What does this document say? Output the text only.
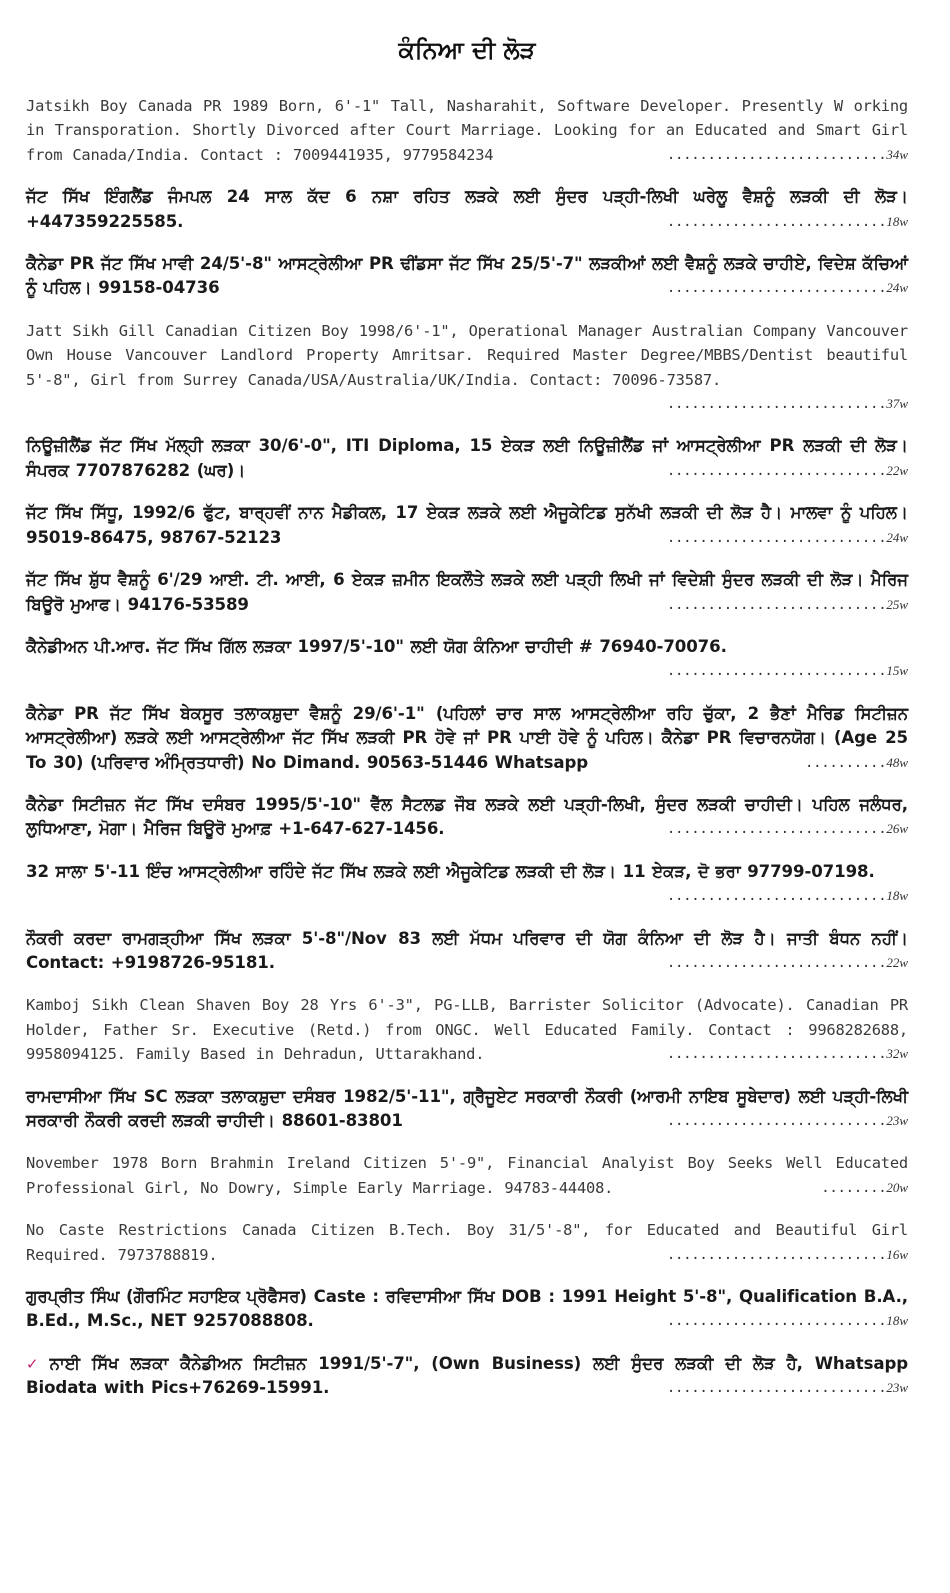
ਕੰਨਿਆ ਦੀ ਲੋੜ
Jatsikh Boy Canada PR 1989 Born, 6'-1" Tall, Nasharahit, Software Developer. Presently W orking in Transporation. Shortly Divorced after Court Marriage. Looking for an Educated and Smart Girl from Canada/India. Contact : 7009441935, 9779584234	...........................34w
ਜੱਟ ਸਿੱਖ ਇੰਗਲੈਂਡ ਜੰਮਪਲ 24 ਸਾਲ ਕੱਦ 6 ਨਸ਼ਾ ਰਹਿਤ ਲੜਕੇ ਲਈ ਸੁੰਦਰ ਪੜ੍ਹੀ-ਲਿਖੀ ਘਰੇਲੂ ਵੈਸ਼ਨੂੰ ਲੜਕੀ ਦੀ ਲੋੜ। +447359225585.	...........................18w
ਕੈਨੇਡਾ PR ਜੱਟ ਸਿੱਖ ਮਾਵੀ 24/5'-8" ਆਸਟ੍ਰੇਲੀਆ PR ਢੀਂਡਸਾ ਜੱਟ ਸਿੱਖ 25/5'-7" ਲੜਕੀਆਂ ਲਈ ਵੈਸ਼ਨੂੰ ਲੜਕੇ ਚਾਹੀਏ, ਵਿਦੇਸ਼ ਕੱਚਿਆਂ ਨੂੰ ਪਹਿਲ। 99158-04736	...........................24w
Jatt Sikh Gill Canadian Citizen Boy 1998/6'-1", Operational Manager Australian Company Vancouver Own House Vancouver Landlord Property Amritsar. Required Master Degree/MBBS/Dentist beautiful 5'-8", Girl from Surrey Canada/USA/Australia/UK/India. Contact: 70096-73587.
...........................37w
ਨਿਊਜ਼ੀਲੈਂਡ ਜੱਟ ਸਿੱਖ ਮੱਲ੍ਹੀ ਲੜਕਾ 30/6'-0", ITI Diploma, 15 ਏਕੜ ਲਈ ਨਿਊਜ਼ੀਲੈਂਡ ਜਾਂ ਆਸਟ੍ਰੇਲੀਆ PR ਲੜਕੀ ਦੀ ਲੋੜ। ਸੰਪਰਕ 7707876282 (ਘਰ)।	...........................22w
ਜੱਟ ਸਿੱਖ ਸਿੱਧੂ, 1992/6 ਫੁੱਟ, ਬਾਰ੍ਹਵੀਂ ਨਾਨ ਮੈਡੀਕਲ, 17 ਏਕੜ ਲੜਕੇ ਲਈ ਐਜੂਕੇਟਿਡ ਸੁਨੱਖੀ ਲੜਕੀ ਦੀ ਲੋੜ ਹੈ। ਮਾਲਵਾ ਨੂੰ ਪਹਿਲ। 95019-86475, 98767-52123	...........................24w
ਜੱਟ ਸਿੱਖ ਸ਼ੁੱਧ ਵੈਸ਼ਨੂੰ 6'/29 ਆਈ. ਟੀ. ਆਈ, 6 ਏਕੜ ਜ਼ਮੀਨ ਇਕਲੌਤੇ ਲੜਕੇ ਲਈ ਪੜ੍ਹੀ ਲਿਖੀ ਜਾਂ ਵਿਦੇਸ਼ੀ ਸੁੰਦਰ ਲੜਕੀ ਦੀ ਲੋੜ। ਮੈਰਿਜ ਬਿਊਰੋ ਮੁਆਫ। 94176-53589	...........................25w
ਕੈਨੇਡੀਅਨ ਪੀ.ਆਰ. ਜੱਟ ਸਿੱਖ ਗਿੱਲ ਲੜਕਾ 1997/5'-10" ਲਈ ਯੋਗ ਕੰਨਿਆ ਚਾਹੀਦੀ # 76940-70076.
...........................15w
ਕੈਨੇਡਾ PR ਜੱਟ ਸਿੱਖ ਬੇਕਸੂਰ ਤਲਾਕਸ਼ੁਦਾ ਵੈਸ਼ਨੂੰ 29/6'-1" (ਪਹਿਲਾਂ ਚਾਰ ਸਾਲ ਆਸਟ੍ਰੇਲੀਆ ਰਹਿ ਚੁੱਕਾ, 2 ਭੈਣਾਂ ਮੈਰਿਡ ਸਿਟੀਜ਼ਨ ਆਸਟ੍ਰੇਲੀਆ) ਲੜਕੇ ਲਈ ਆਸਟ੍ਰੇਲੀਆ ਜੱਟ ਸਿੱਖ ਲੜਕੀ PR ਹੋਵੇ ਜਾਂ PR ਪਾਈ ਹੋਵੇ ਨੂੰ ਪਹਿਲ। ਕੈਨੇਡਾ PR ਵਿਚਾਰਨਯੋਗ। (Age 25 To 30) (ਪਰਿਵਾਰ ਅੰਮ੍ਰਿਤਧਾਰੀ) No Dimand. 90563-51446 Whatsapp	..........48w
ਕੈਨੇਡਾ ਸਿਟੀਜ਼ਨ ਜੱਟ ਸਿੱਖ ਦਸੰਬਰ 1995/5'-10" ਵੈੱਲ ਸੈਟਲਡ ਜੌਬ ਲੜਕੇ ਲਈ ਪੜ੍ਹੀ-ਲਿਖੀ, ਸੁੰਦਰ ਲੜਕੀ ਚਾਹੀਦੀ। ਪਹਿਲ ਜਲੰਧਰ, ਲੁਧਿਆਣਾ, ਮੋਗਾ। ਮੈਰਿਜ ਬਿਊਰੋ ਮੁਆਫ਼ +1-647-627-1456.	...........................26w
32 ਸਾਲਾ 5'-11 ਇੰਚ ਆਸਟ੍ਰੇਲੀਆ ਰਹਿੰਦੇ ਜੱਟ ਸਿੱਖ ਲੜਕੇ ਲਈ ਐਜੂਕੇਟਿਡ ਲੜਕੀ ਦੀ ਲੋੜ। 11 ਏਕੜ, ਦੋ ਭਰਾ 97799-07198.
...........................18w
ਨੌਕਰੀ ਕਰਦਾ ਰਾਮਗੜ੍ਹੀਆ ਸਿੱਖ ਲੜਕਾ 5'-8"/Nov 83 ਲਈ ਮੱਧਮ ਪਰਿਵਾਰ ਦੀ ਯੋਗ ਕੰਨਿਆ ਦੀ ਲੋੜ ਹੈ। ਜਾਤੀ ਬੰਧਨ ਨਹੀਂ। Contact: +9198726-95181.	...........................22w
Kamboj Sikh Clean Shaven Boy 28 Yrs 6'-3", PG-LLB, Barrister Solicitor (Advocate). Canadian PR Holder, Father Sr. Executive (Retd.) from ONGC. Well Educated Family. Contact : 9968282688, 9958094125. Family Based in Dehradun, Uttarakhand.	...........................32w
ਰਾਮਦਾਸੀਆ ਸਿੱਖ SC ਲੜਕਾ ਤਲਾਕਸ਼ੁਦਾ ਦਸੰਬਰ 1982/5'-11", ਗ੍ਰੈਜੂਏਟ ਸਰਕਾਰੀ ਨੌਕਰੀ (ਆਰਮੀ ਨਾਇਬ ਸੂਬੇਦਾਰ) ਲਈ ਪੜ੍ਹੀ-ਲਿਖੀ ਸਰਕਾਰੀ ਨੌਕਰੀ ਕਰਦੀ ਲੜਕੀ ਚਾਹੀਦੀ। 88601-83801	...........................23w
November 1978 Born Brahmin Ireland Citizen 5'-9", Financial Analyist Boy Seeks Well Educated Professional Girl, No Dowry, Simple Early Marriage. 94783-44408.	........20w
No Caste Restrictions Canada Citizen B.Tech. Boy 31/5'-8", for Educated and Beautiful Girl Required. 7973788819.	...........................16w
ਗੁਰਪ੍ਰੀਤ ਸਿੰਘ (ਗੌਰਮਿੰਟ ਸਹਾਇਕ ਪ੍ਰੋਫੈਸਰ) Caste : ਰਵਿਦਾਸੀਆ ਸਿੱਖ DOB : 1991 Height 5'-8", Qualification B.A., B.Ed., M.Sc., NET 9257088808.	...........................18w
✓ ਨਾਈ ਸਿੱਖ ਲੜਕਾ ਕੈਨੇਡੀਅਨ ਸਿਟੀਜ਼ਨ 1991/5'-7", (Own Business) ਲਈ ਸੁੰਦਰ ਲੜਕੀ ਦੀ ਲੋੜ ਹੈ, Whatsapp Biodata with Pics+76269-15991.	...........................23w
